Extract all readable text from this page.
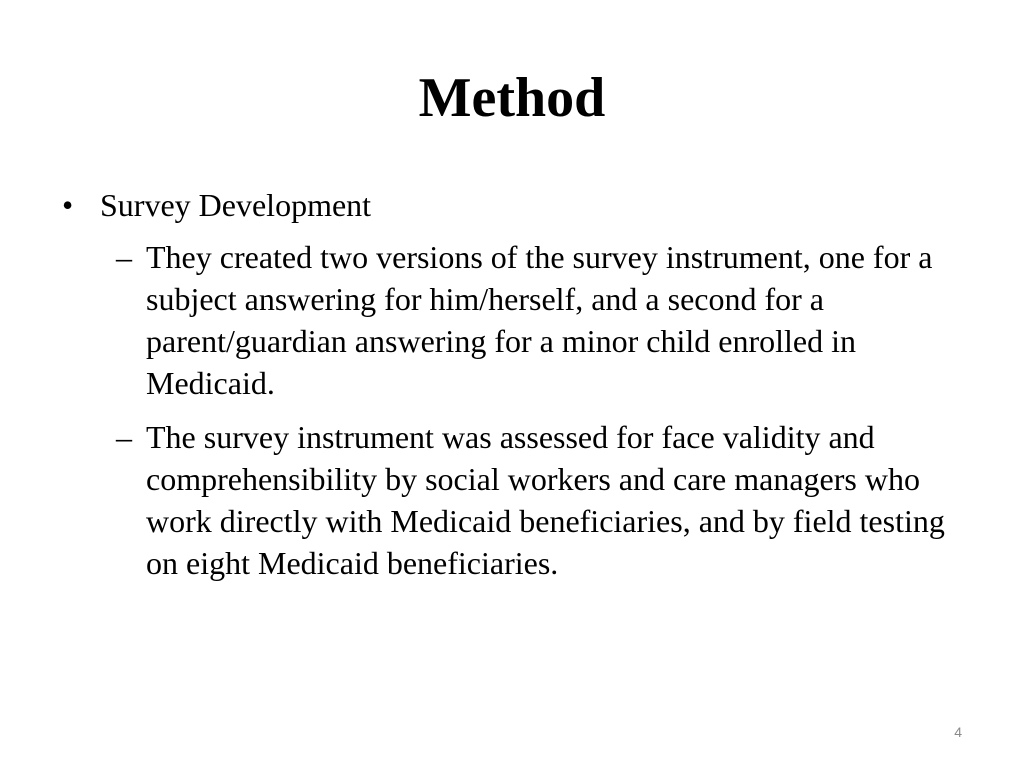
Method
• Survey Development
– They created two versions of the survey instrument, one for a subject answering for him/herself, and a second for a parent/guardian answering for a minor child enrolled in Medicaid.
– The survey instrument was assessed for face validity and comprehensibility by social workers and care managers who work directly with Medicaid beneficiaries, and by field testing on eight Medicaid beneficiaries.
4
